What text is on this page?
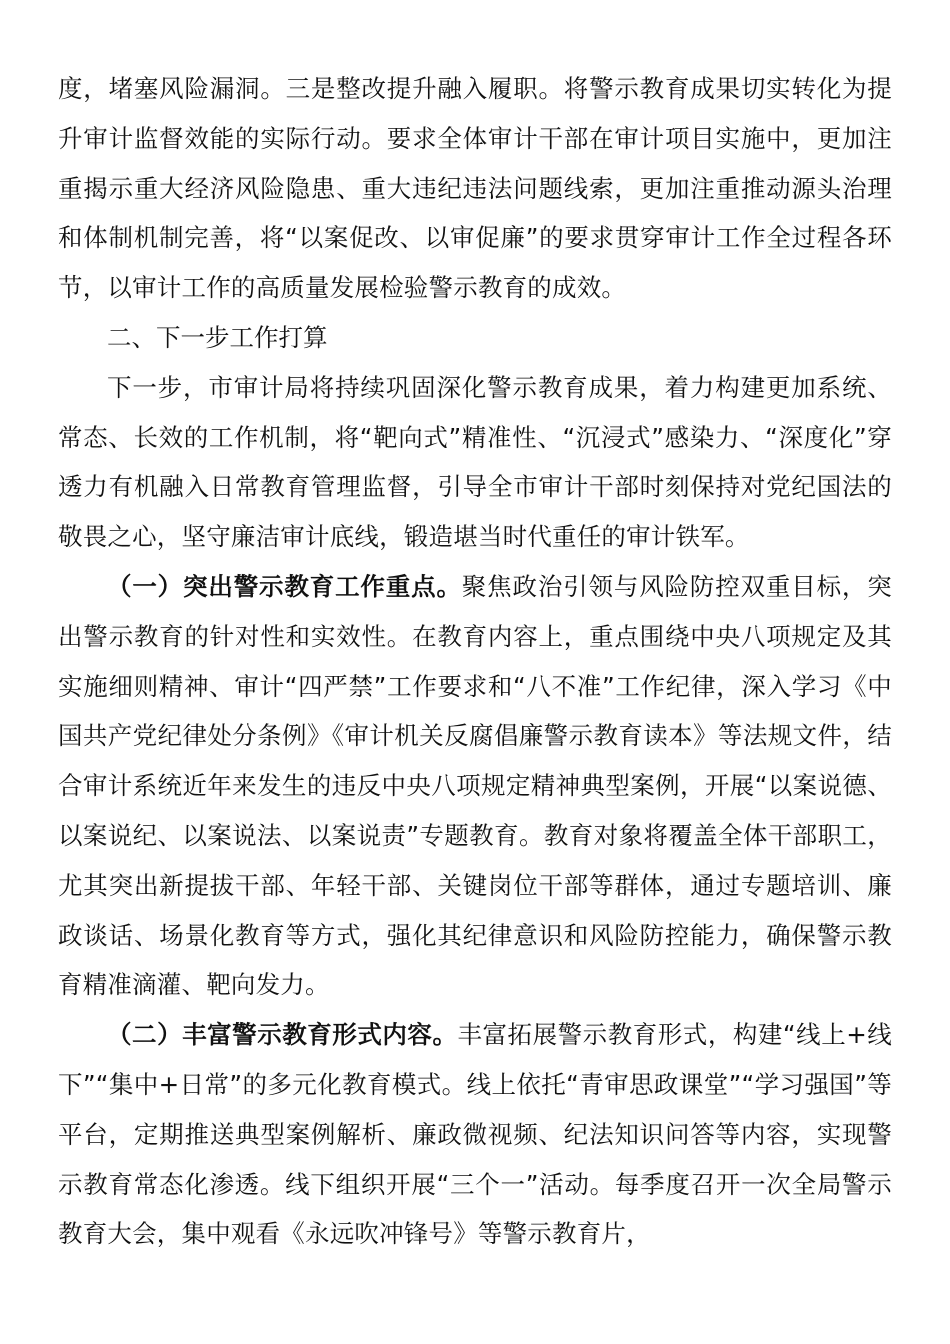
度，堵塞风险漏洞。三是整改提升融入履职。将警示教育成果切实转化为提升审计监督效能的实际行动。要求全体审计干部在审计项目实施中，更加注重揭示重大经济风险隐患、重大违纪违法问题线索，更加注重推动源头治理和体制机制完善，将“以案促改、以审促廉”的要求贯穿审计工作全过程各环节，以审计工作的高质量发展检验警示教育的成效。

二、下一步工作打算

下一步，市审计局将持续巩固深化警示教育成果，着力构建更加系统、常态、长效的工作机制，将“靶向式”精准性、“沉浸式”感染力、“深度化”穿透力有机融入日常教育管理监督，引导全市审计干部时刻保持对党纪国法的敬畏之心，坚守廉洁审计底线，锻造堪当时代重任的审计铁军。

（一）突出警示教育工作重点。聚焦政治引领与风险防控双重目标，突出警示教育的针对性和实效性。在教育内容上，重点围绕中央八项规定及其实施细则精神、审计“四严禁”工作要求和“八不准”工作纪律，深入学习《中国共产党纪律处分条例》《审计机关反腐倡廉警示教育读本》等法规文件，结合审计系统近年来发生的违反中央八项规定精神典型案例，开展“以案说德、以案说纪、以案说法、以案说责”专题教育。教育对象将覆盖全体干部职工，尤其突出新提拔干部、年轻干部、关键岗位干部等群体，通过专题培训、廉政谈话、场景化教育等方式，强化其纪律意识和风险防控能力，确保警示教育精准滴灌、靶向发力。

（二）丰富警示教育形式内容。丰富拓展警示教育形式，构建“线上+线下”“集中+日常”的多元化教育模式。线上依托“青审思政课堂”“学习强国”等平台，定期推送典型案例解析、廉政微视频、纪法知识问答等内容，实现警示教育常态化渗透。线下组织开展“三个一”活动。每季度召开一次全局警示教育大会，集中观看《永远吹冲锋号》等警示教育片，
